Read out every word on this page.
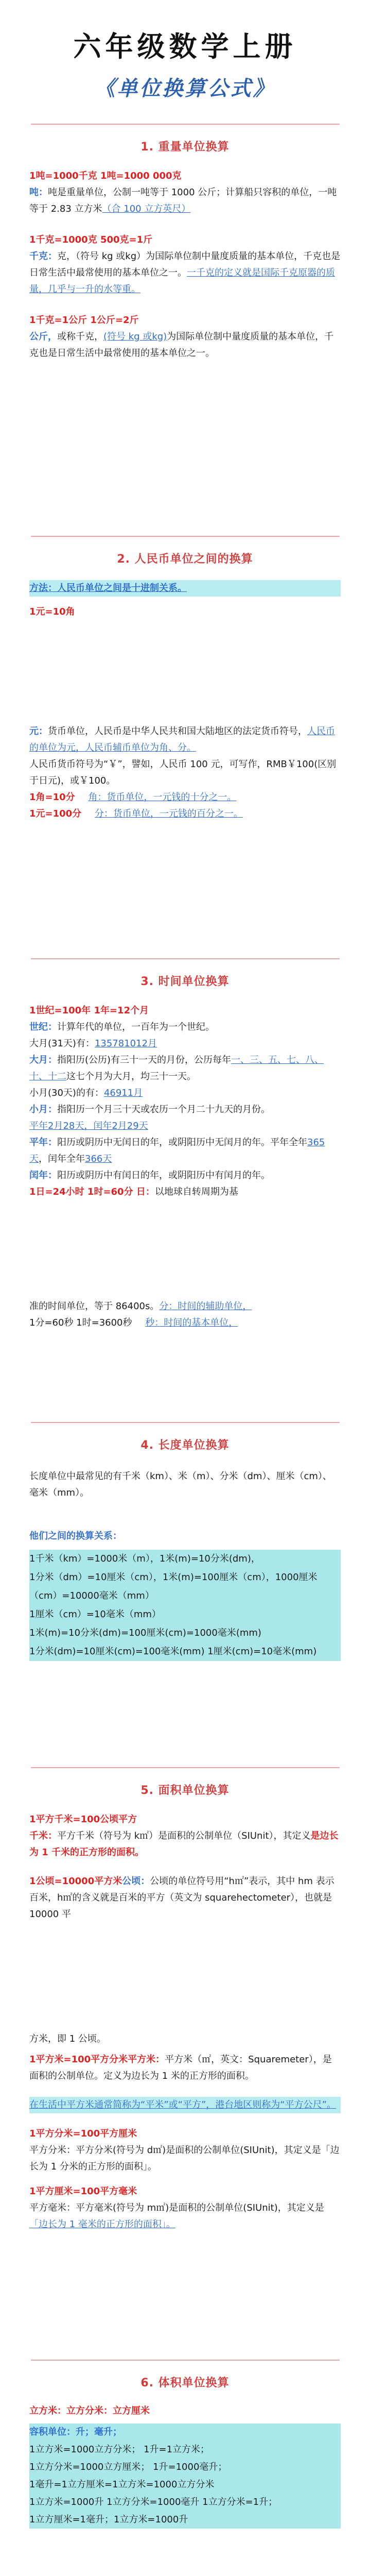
六年级数学上册
《单位换算公式》
1. 重量单位换算
1吨=1000千克 1吨=1000 000克
吨：吨是重量单位，公制一吨等于 1000 公斤；计算船只容积的单位，一吨等于 2.83 立方米（合 100 立方英尺）
1千克=1000克 500克=1斤
千克：克，（符号 kg 或kg）为国际单位制中量度质量的基本单位，千克也是日常生活中最常使用的基本单位之一。一千克的定义就是国际千克原器的质量，几乎与一升的水等重。
1千克=1公斤 1公斤=2斤
公斤，或称千克，(符号 kg 或kg)为国际单位制中量度质量的基本单位，千克也是日常生活中最常使用的基本单位之一。
2. 人民币单位之间的换算
方法：人民币单位之间是十进制关系。
1元=10角
元：货币单位，人民币是中华人民共和国大陆地区的法定货币符号，人民币的单位为元，人民币辅币单位为角、分。
人民币货币符号为“￥”，譬如，人民币 100 元，可写作，RMB￥100(区别于日元)，或￥100。
1角=10分 角：货币单位，一元钱的十分之一。
1元=100分 分：货币单位，一元钱的百分之一。
3. 时间单位换算
1世纪=100年 1年=12个月
世纪：计算年代的单位，一百年为一个世纪。
大月(31天)有：135781012月
大月：指阳历(公历)有三十一天的月份，公历每年一、三、五、七、八、十、十二这七个月为大月，均三十一天。
小月(30天)的有：46911月
小月：指阳历一个月三十天或农历一个月二十九天的月份。
平年2月28天，闰年2月29天
平年：阳历或阴历中无闰日的年，或阴阳历中无闰月的年。平年全年365天，闰年全年366天
闰年：阳历或阴历中有闰日的年，或阴阳历中有闰月的年。
1日=24小时 1时=60分 日：以地球自转周期为基
准的时间单位，等于 86400s。分：时间的辅助单位，
1分=60秒 1时=3600秒 秒：时间的基本单位，
4. 长度单位换算
长度单位中最常见的有千米（km）、米（m）、分米（dm）、厘米（cm）、毫米（mm）。
他们之间的换算关系：
1千米（km）=1000米（m），1米(m)=10分米(dm)，
1分米（dm）=10厘米（cm），1米(m)=100厘米（cm），1000厘米（cm）=10000毫米（mm）
1厘米（cm）=10毫米（mm）
1米(m)=10分米(dm)=100厘米(cm)=1000毫米(mm)
1分米(dm)=10厘米(cm)=100毫米(mm) 1厘米(cm)=10毫米(mm)
5. 面积单位换算
1平方千米=100公顷平方
千米：平方千米（符号为 k㎡）是面积的公制单位（SIUnit），其定义是边长为 1 千米的正方形的面积。
1公顷=10000平方米公顷：公顷的单位符号用“h㎡”表示，其中 hm 表示百米，h㎡的含义就是百米的平方（英文为 squarehectometer），也就是 10000 平
方米，即 1 公顷。
1平方米=100平方分米平方米：平方米（㎡，英文：Squaremeter），是面积的公制单位。定义为边长为 1 米的正方形的面积。
在生活中平方米通常简称为“平米”或“平方”，港台地区则称为“平方公尺”。
1平方分米=100平方厘米
平方分米：平方分米(符号为 d㎡)是面积的公制单位(SIUnit)，其定义是「边长为 1 分米的正方形的面积」。
1平方厘米=100平方毫米
平方毫米：平方毫米(符号为 m㎡)是面积的公制单位(SIUnit)，其定义是「边长为 1 毫米的正方形的面积」。
6. 体积单位换算
立方米：立方分米：立方厘米
容积单位：升；毫升；
1立方米=1000立方分米； 1升=1立方米；
1立方分米=1000立方厘米； 1升=1000毫升；
1毫升=1立方厘米=1立方米=1000立方分米
1立方米=1000升 1立方分米=1000毫升 1立方分米=1升；
1立方厘米=1毫升；1立方米=1000升
